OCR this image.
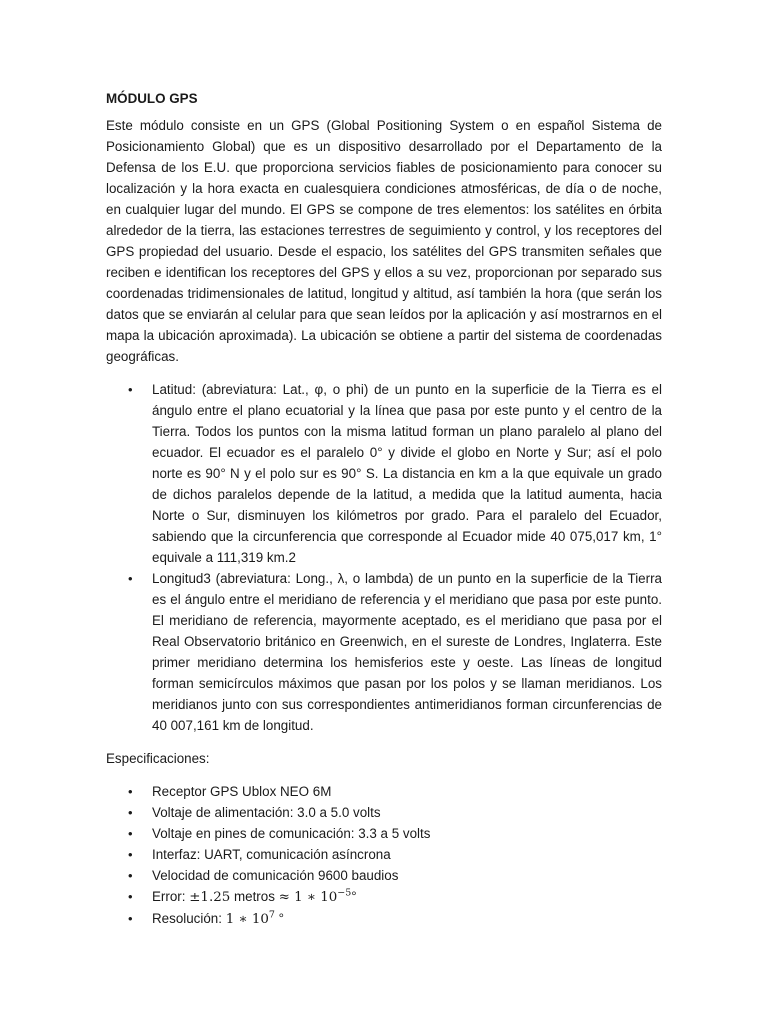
MÓDULO GPS

Este módulo consiste en un GPS (Global Positioning System o en español Sistema de Posicionamiento Global) que es un dispositivo desarrollado por el Departamento de la Defensa de los E.U. que proporciona servicios fiables de posicionamiento para conocer su localización y la hora exacta en cualesquiera condiciones atmosféricas, de día o de noche, en cualquier lugar del mundo. El GPS se compone de tres elementos: los satélites en órbita alrededor de la tierra, las estaciones terrestres de seguimiento y control, y los receptores del GPS propiedad del usuario. Desde el espacio, los satélites del GPS transmiten señales que reciben e identifican los receptores del GPS y ellos a su vez, proporcionan por separado sus coordenadas tridimensionales de latitud, longitud y altitud, así también la hora (que serán los datos que se enviarán al celular para que sean leídos por la aplicación y así mostrarnos en el mapa la ubicación aproximada). La ubicación se obtiene a partir del sistema de coordenadas geográficas.

• Latitud: (abreviatura: Lat., φ, o phi) de un punto en la superficie de la Tierra es el ángulo entre el plano ecuatorial y la línea que pasa por este punto y el centro de la Tierra. Todos los puntos con la misma latitud forman un plano paralelo al plano del ecuador. El ecuador es el paralelo 0° y divide el globo en Norte y Sur; así el polo norte es 90° N y el polo sur es 90° S. La distancia en km a la que equivale un grado de dichos paralelos depende de la latitud, a medida que la latitud aumenta, hacia Norte o Sur, disminuyen los kilómetros por grado. Para el paralelo del Ecuador, sabiendo que la circunferencia que corresponde al Ecuador mide 40 075,017 km, 1° equivale a 111,319 km.2
• Longitud3 (abreviatura: Long., λ, o lambda) de un punto en la superficie de la Tierra es el ángulo entre el meridiano de referencia y el meridiano que pasa por este punto. El meridiano de referencia, mayormente aceptado, es el meridiano que pasa por el Real Observatorio británico en Greenwich, en el sureste de Londres, Inglaterra. Este primer meridiano determina los hemisferios este y oeste. Las líneas de longitud forman semicírculos máximos que pasan por los polos y se llaman meridianos. Los meridianos junto con sus correspondientes antimeridianos forman circunferencias de 40 007,161 km de longitud.

Especificaciones:

• Receptor GPS Ublox NEO 6M
• Voltaje de alimentación: 3.0 a 5.0 volts
• Voltaje en pines de comunicación: 3.3 a 5 volts
• Interfaz: UART, comunicación asíncrona
• Velocidad de comunicación 9600 baudios
• Error: ±1.25 metros ≈ 1 ∗ $10^{-5}^\circ$
• Resolución: 1 ∗ $10^7$ °
